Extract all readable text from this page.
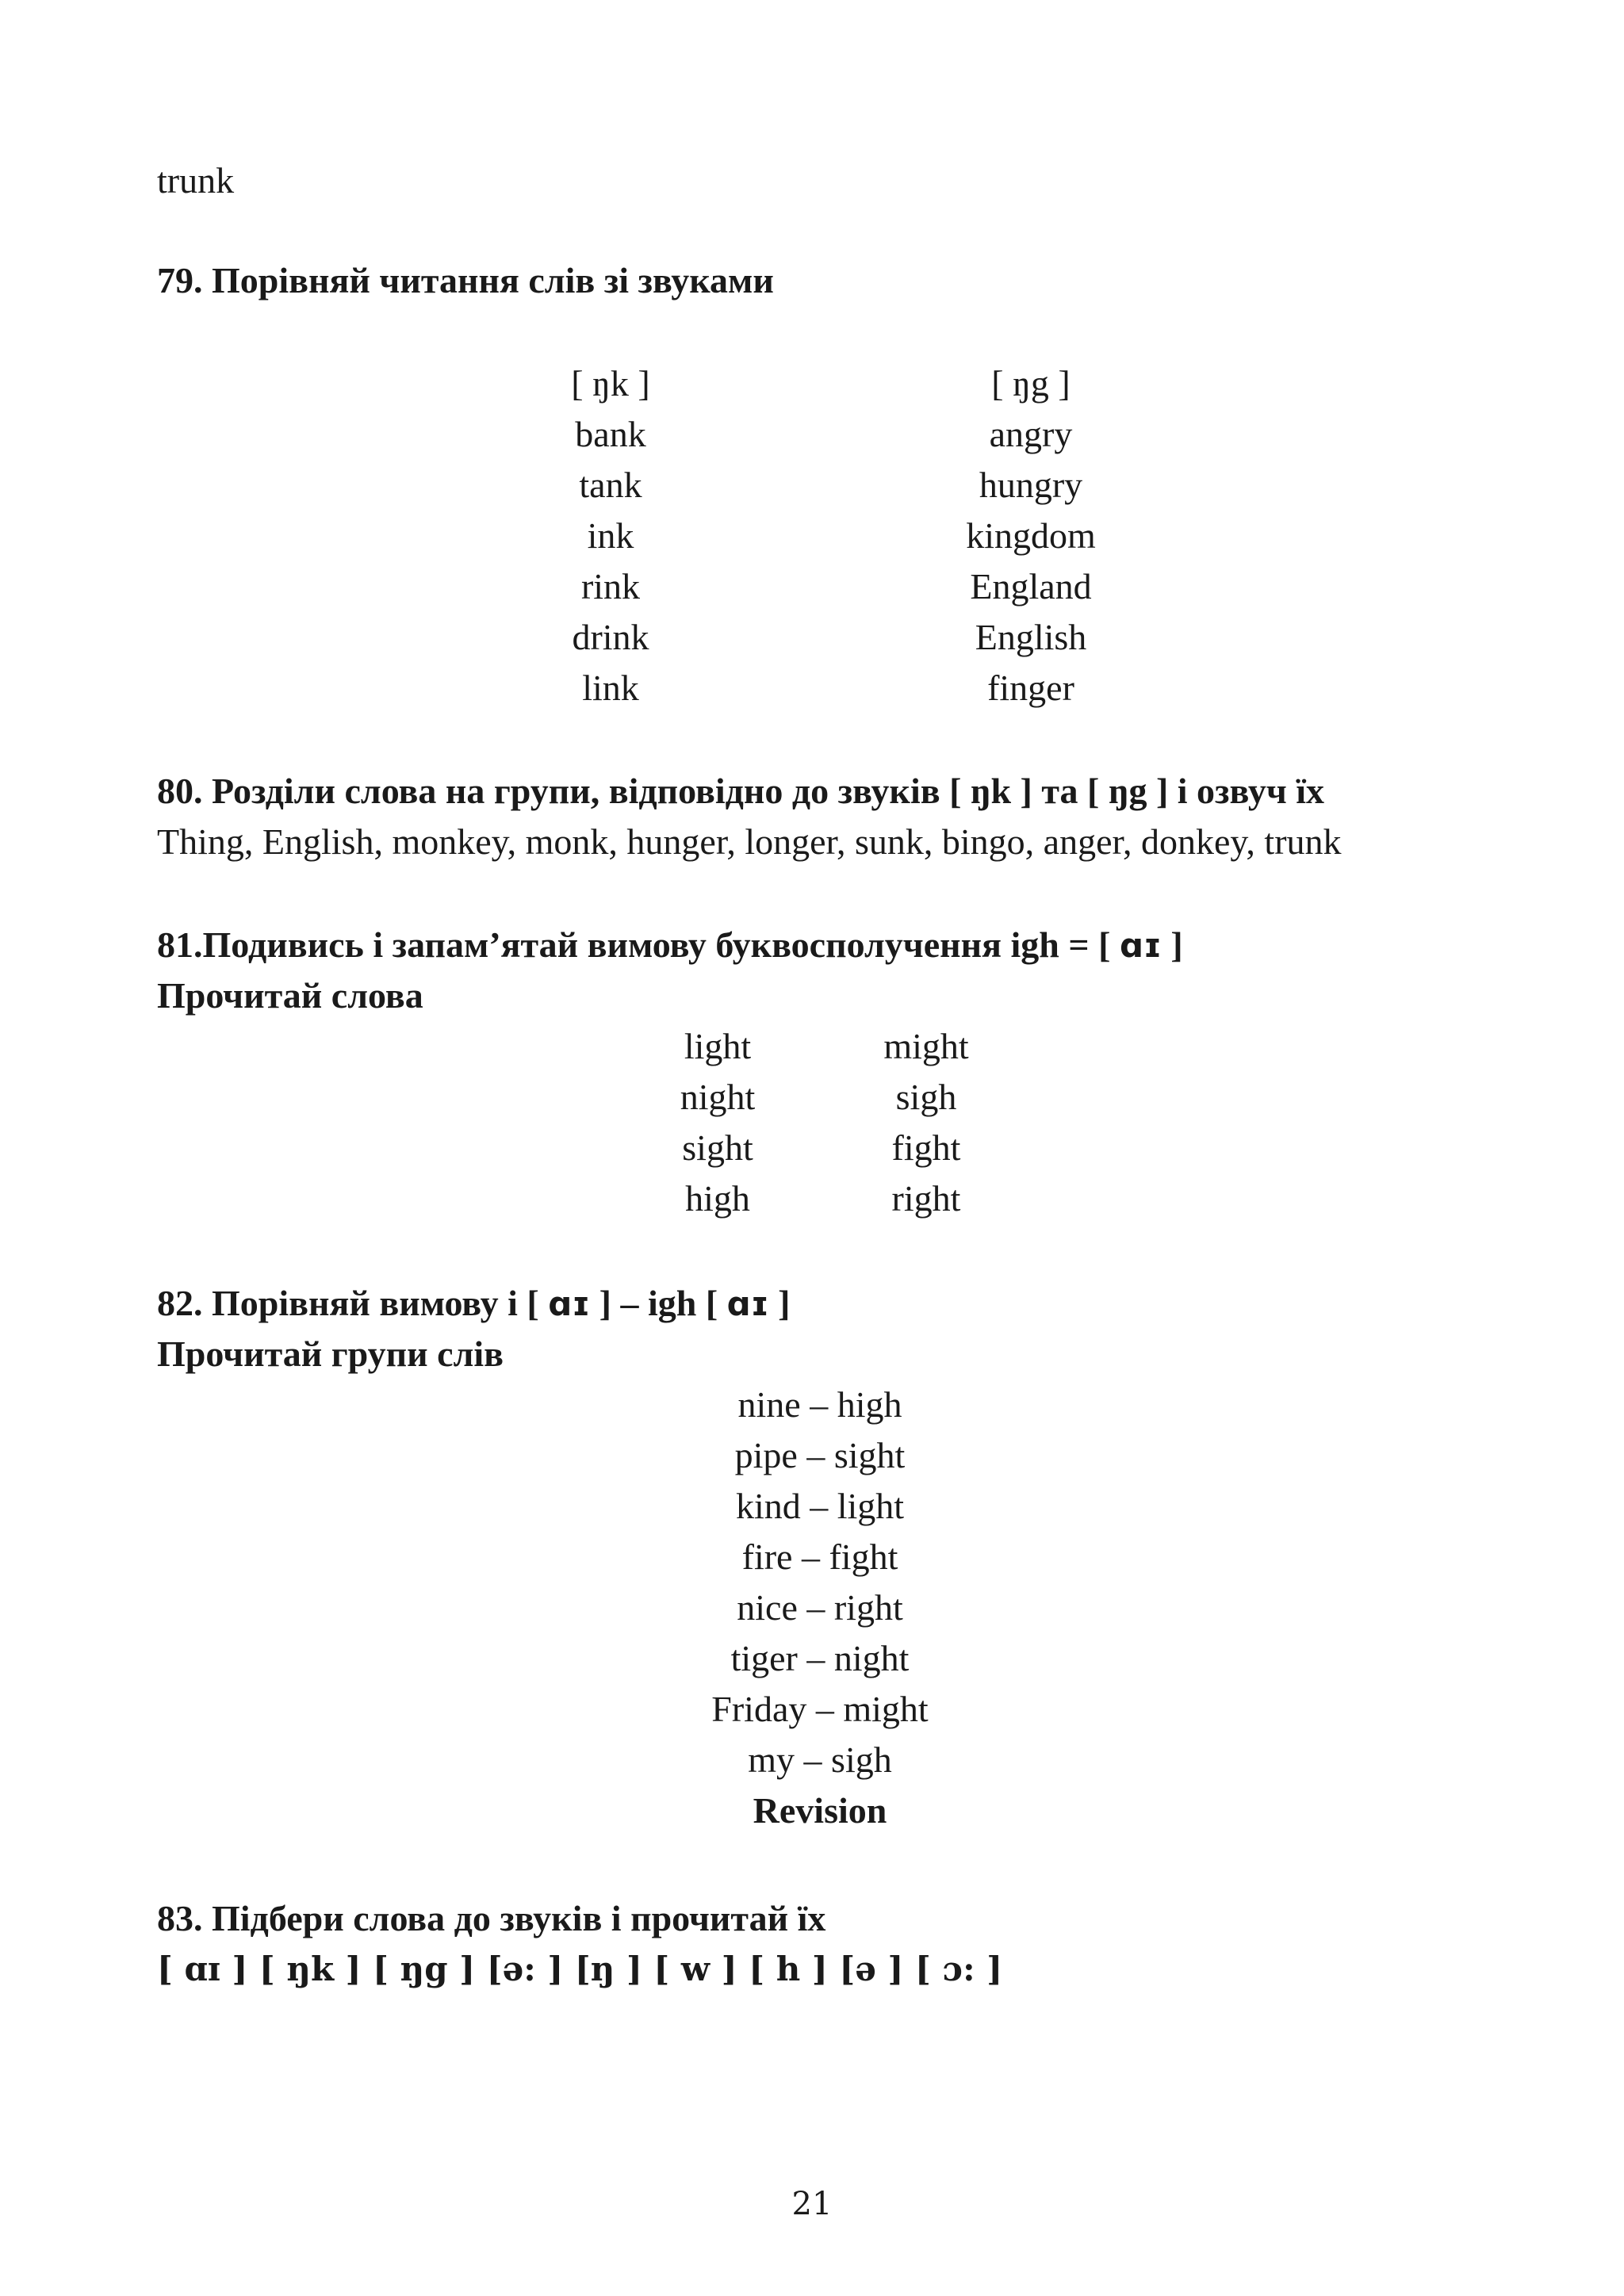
trunk
79. Порівняй читання слів зі звуками
[ ŋk ]
bank
tank
ink
rink
drink
link
[ ŋg ]
angry
hungry
kingdom
England
English
finger
80. Розділи слова на групи, відповідно до звуків [ ŋk ] та [ ŋg ] і озвуч їх
Thing, English, monkey, monk, hunger, longer, sunk, bingo, anger, donkey, trunk
81.Подивись і запам’ятай вимову буквосполучення igh = [ ɑɪ ]
Прочитай слова
light
night
sight
high
might
sigh
fight
right
82. Порівняй вимову i [ ɑɪ ] – igh [ ɑɪ ]
Прочитай групи слів
nine – high
pipe – sight
kind – light
fire – fight
nice – right
tiger – night
Friday – might
my – sigh
Revision
83. Підбери слова до звуків і прочитай їх
[ ɑɪ ] [ ŋk ] [ ŋg ] [ə: ] [ŋ ] [ w ] [ h ] [ə ] [ ɔ: ]
21
